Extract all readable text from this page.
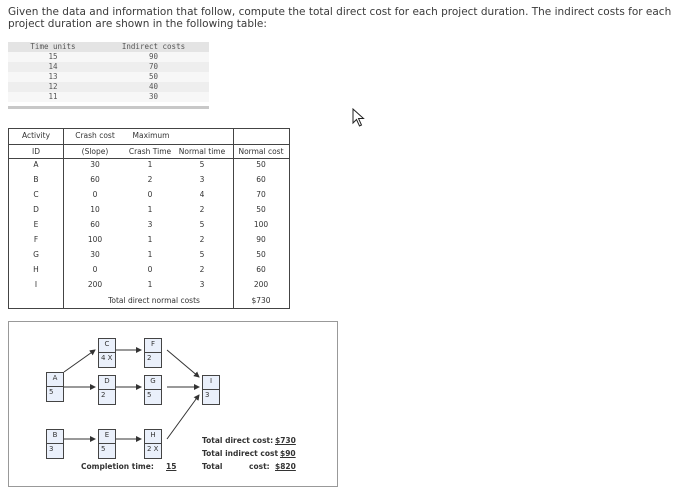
Given the data and information that follow, compute the total direct cost for each project duration. The indirect costs for each project duration are shown in the following table:
Time units	Indirect costs
15	90
14	70
13	50
12	40
11	30
Activity	Crash cost	Maximum
ID	(Slope)	Crash Time	Normal time	Normal cost
A	30	1	5	50
B	60	2	3	60
C	0	0	4	70
D	10	1	2	50
E	60	3	5	100
F	100	1	2	90
G	30	1	5	50
H	0	0	2	60
I	200	1	3	200
Total direct normal costs	$730
A
5
B
3
C
4 X
D
2
E
5
F
2
G
5
H
2 X
I
3
Completion time: 15
Total direct cost: $730
Total indirect cost $90
Total	cost: $820
